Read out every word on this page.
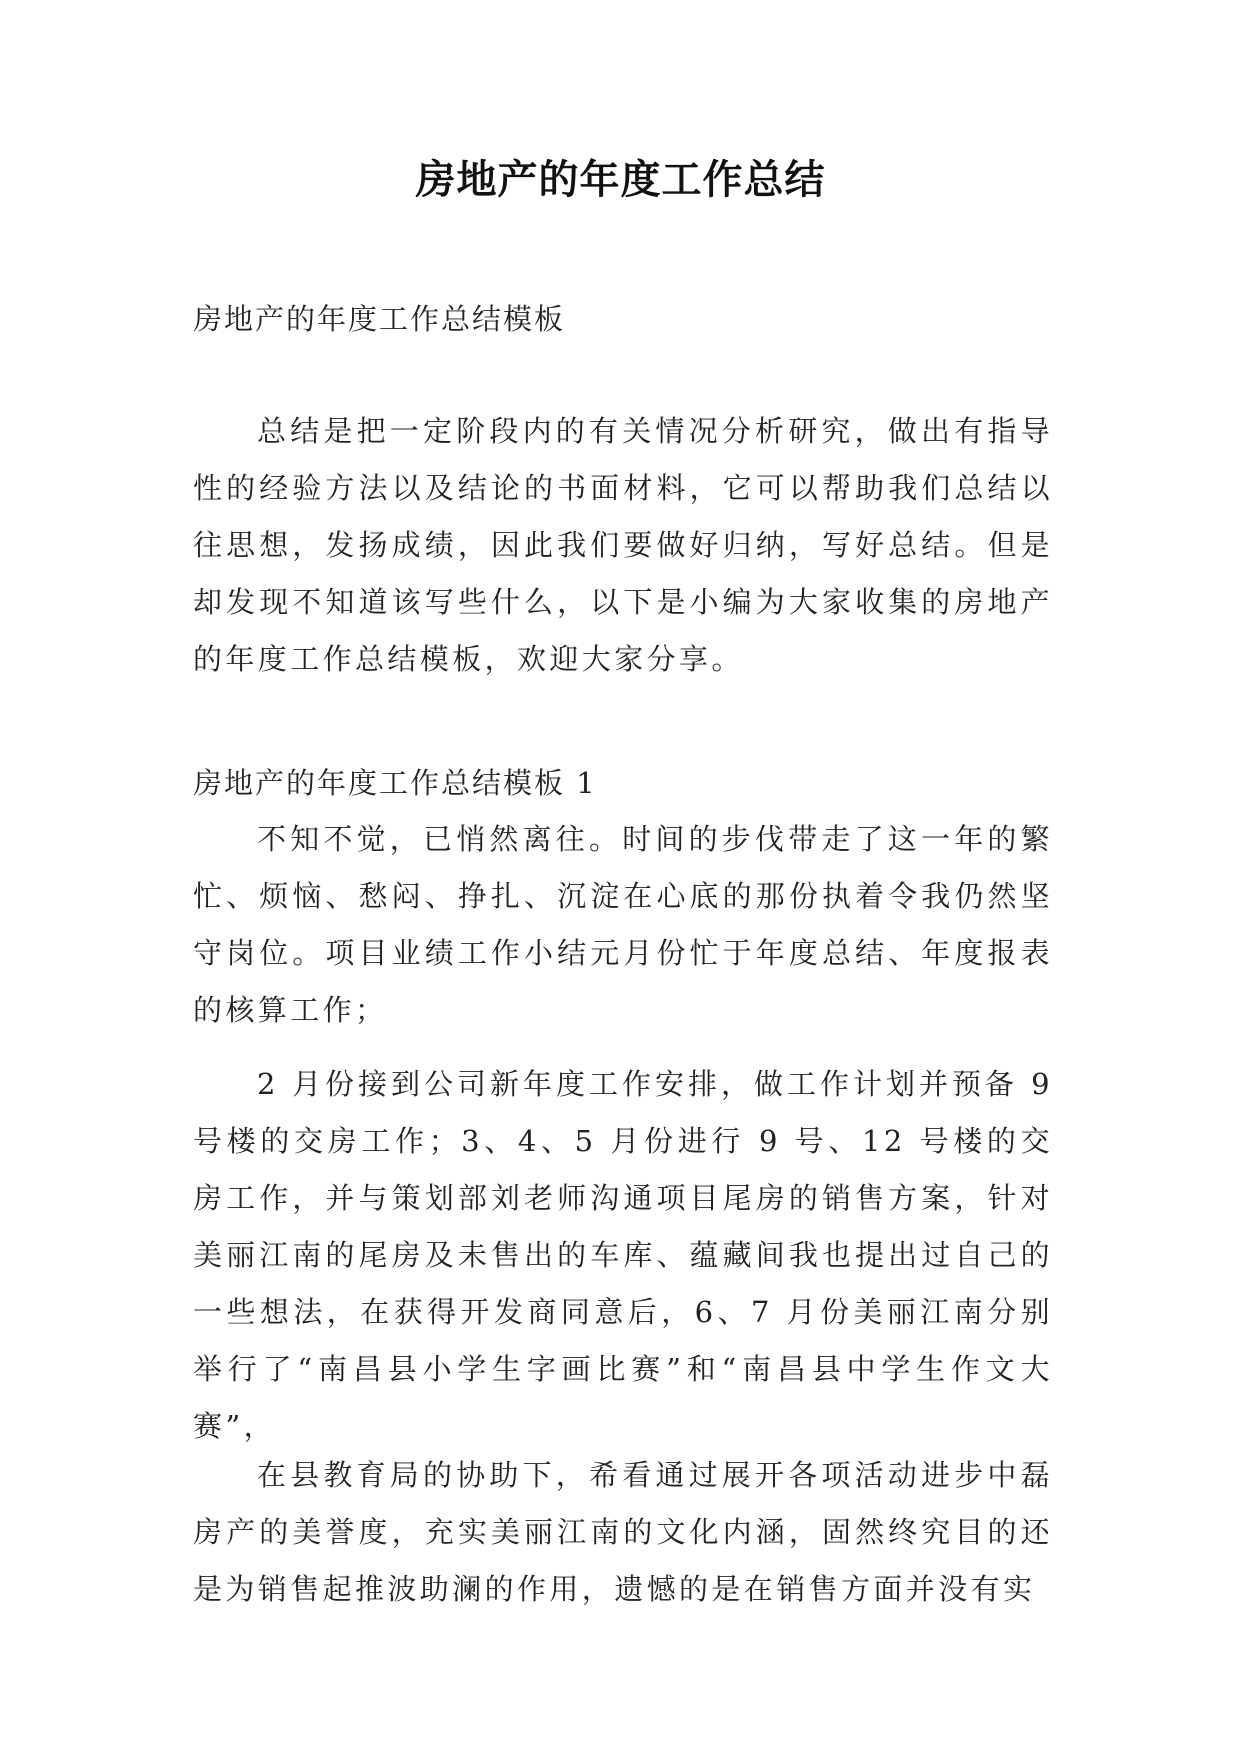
房地产的年度工作总结

房地产的年度工作总结模板

总结是把一定阶段内的有关情况分析研究，做出有指导性的经验方法以及结论的书面材料，它可以帮助我们总结以往思想，发扬成绩，因此我们要做好归纳，写好总结。但是却发现不知道该写些什么，以下是小编为大家收集的房地产的年度工作总结模板，欢迎大家分享。

房地产的年度工作总结模板 1

不知不觉，已悄然离往。时间的步伐带走了这一年的繁忙、烦恼、愁闷、挣扎、沉淀在心底的那份执着令我仍然坚守岗位。项目业绩工作小结元月份忙于年度总结、年度报表的核算工作；

2 月份接到公司新年度工作安排，做工作计划并预备 9 号楼的交房工作；3、4、5 月份进行 9 号、12 号楼的交房工作，并与策划部刘老师沟通项目尾房的销售方案，针对美丽江南的尾房及未售出的车库、蕴藏间我也提出过自己的一些想法，在获得开发商同意后，6、7 月份美丽江南分别举行了“南昌县小学生字画比赛”和“南昌县中学生作文大赛”，

在县教育局的协助下，希看通过展开各项活动进步中磊房产的美誉度，充实美丽江南的文化内涵，固然终究目的还是为销售起推波助澜的作用，遗憾的是在销售方面并没有实
